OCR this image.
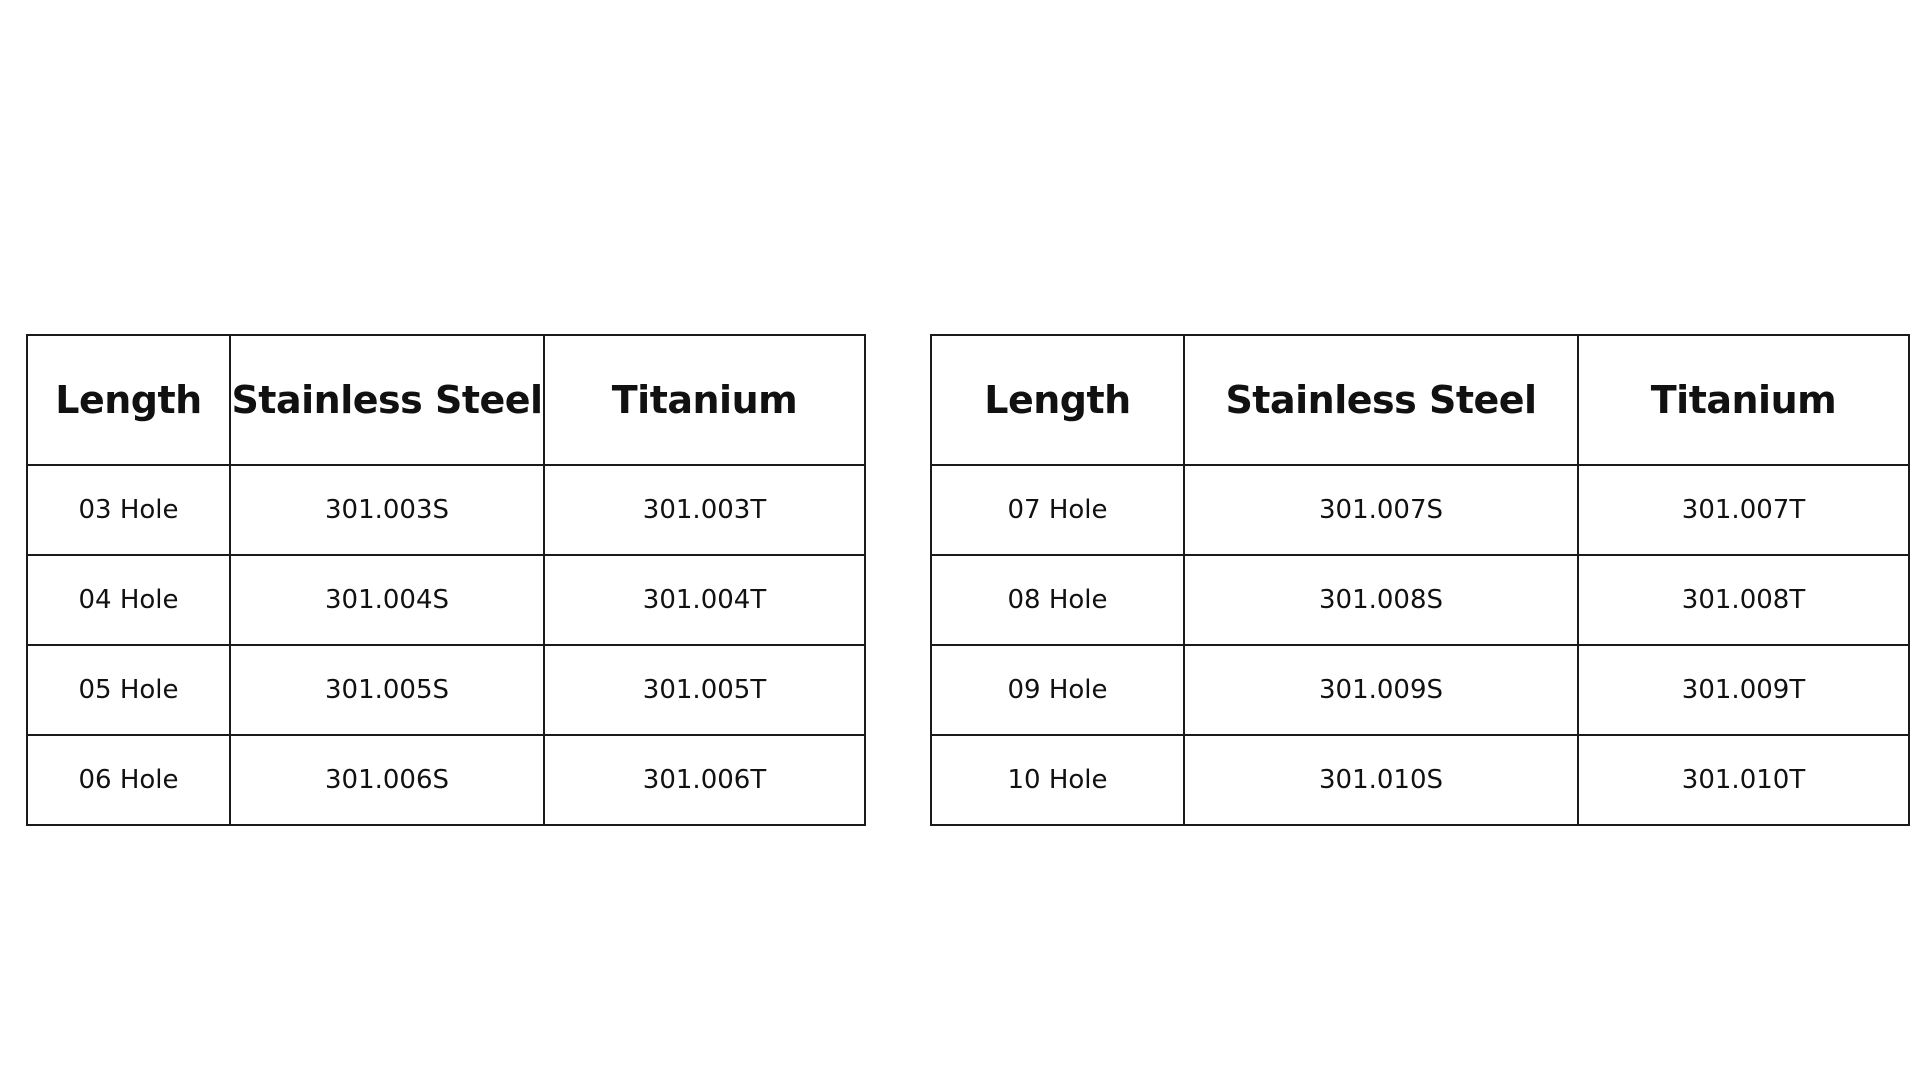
Length	Stainless Steel	Titanium
03 Hole	301.003S	301.003T
04 Hole	301.004S	301.004T
05 Hole	301.005S	301.005T
06 Hole	301.006S	301.006T
Length	Stainless Steel	Titanium
07 Hole	301.007S	301.007T
08 Hole	301.008S	301.008T
09 Hole	301.009S	301.009T
10 Hole	301.010S	301.010T
